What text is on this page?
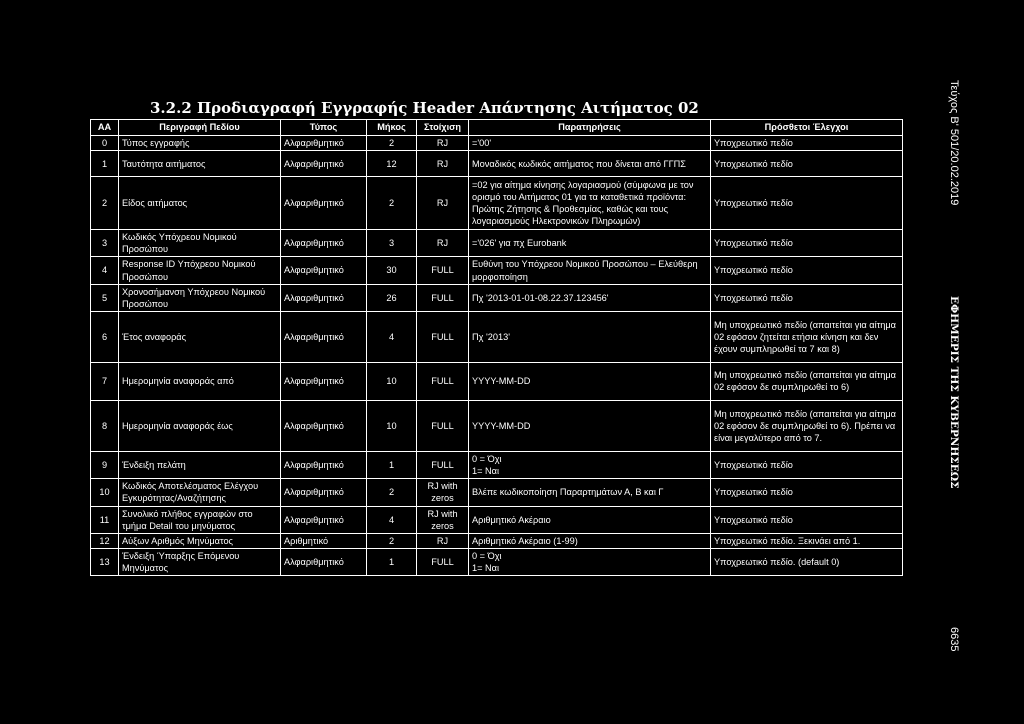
3.2.2 Προδιαγραφή Εγγραφής Header Απάντησης Αιτήματος 02
ΑΑ	Περιγραφή Πεδίου	Τύπος	Μήκος	Στοίχιση	Παρατηρήσεις	Πρόσθετοι Έλεγχοι
0	Τύπος εγγραφής	Αλφαριθμητικό	2	RJ	='00'	Υποχρεωτικό πεδίο
1	Ταυτότητα αιτήματος	Αλφαριθμητικό	12	RJ	Μοναδικός κωδικός αιτήματος που δίνεται από ΓΓΠΣ	Υποχρεωτικό πεδίο
2	Είδος αιτήματος	Αλφαριθμητικό	2	RJ	=02 για αίτημα κίνησης λογαριασμού (σύμφωνα με τον ορισμό του Αιτήματος 01 για τα καταθετικά προϊόντα: Πρώτης Ζήτησης & Προθεσμίας, καθώς και τους λογαριασμούς Ηλεκτρονικών Πληρωμών)	Υποχρεωτικό πεδίο
3	Κωδικός Υπόχρεου Νομικού Προσώπου	Αλφαριθμητικό	3	RJ	='026' για πχ Eurobank	Υποχρεωτικό πεδίο
4	Response ID Υπόχρεου Νομικού Προσώπου	Αλφαριθμητικό	30	FULL	Ευθύνη του Υπόχρεου Νομικού Προσώπου – Ελεύθερη μορφοποίηση	Υποχρεωτικό πεδίο
5	Χρονοσήμανση Υπόχρεου Νομικού Προσώπου	Αλφαριθμητικό	26	FULL	Πχ '2013-01-01-08.22.37.123456'	Υποχρεωτικό πεδίο
6	Έτος αναφοράς	Αλφαριθμητικό	4	FULL	Πχ '2013'	Μη υποχρεωτικό πεδίο (απαιτείται για αίτημα 02 εφόσον ζητείται ετήσια κίνηση και δεν έχουν συμπληρωθεί τα 7 και 8)
7	Ημερομηνία αναφοράς από	Αλφαριθμητικό	10	FULL	YYYY-MM-DD	Μη υποχρεωτικό πεδίο (απαιτείται για αίτημα 02 εφόσον δε συμπληρωθεί το 6)
8	Ημερομηνία αναφοράς έως	Αλφαριθμητικό	10	FULL	YYYY-MM-DD	Μη υποχρεωτικό πεδίο (απαιτείται για αίτημα 02 εφόσον δε συμπληρωθεί το 6). Πρέπει να είναι μεγαλύτερο από το 7.
9	Ένδειξη πελάτη	Αλφαριθμητικό	1	FULL	0 = Όχι
1= Ναι	Υποχρεωτικό πεδίο
10	Κωδικός Αποτελέσματος Ελέγχου Εγκυρότητας/Αναζήτησης	Αλφαριθμητικό	2	RJ with zeros	Βλέπε κωδικοποίηση Παραρτημάτων Α, Β και Γ	Υποχρεωτικό πεδίο
11	Συνολικό πλήθος εγγραφών στο τμήμα Detail του μηνύματος	Αλφαριθμητικό	4	RJ with zeros	Αριθμητικό Ακέραιο	Υποχρεωτικό πεδίο
12	Αύξων Αριθμός Μηνύματος	Αριθμητικό	2	RJ	Αριθμητικό Ακέραιο (1-99)	Υποχρεωτικό πεδίο. Ξεκινάει από 1.
13	Ένδειξη Ύπαρξης Επόμενου Μηνύματος	Αλφαριθμητικό	1	FULL	0 = Όχι
1= Ναι	Υποχρεωτικό πεδίο. (default 0)
Τεύχος Β' 501/20.02.2019
ΕΦΗΜΕΡΙΣ ΤΗΣ ΚΥΒΕΡΝΗΣΕΩΣ
6635
